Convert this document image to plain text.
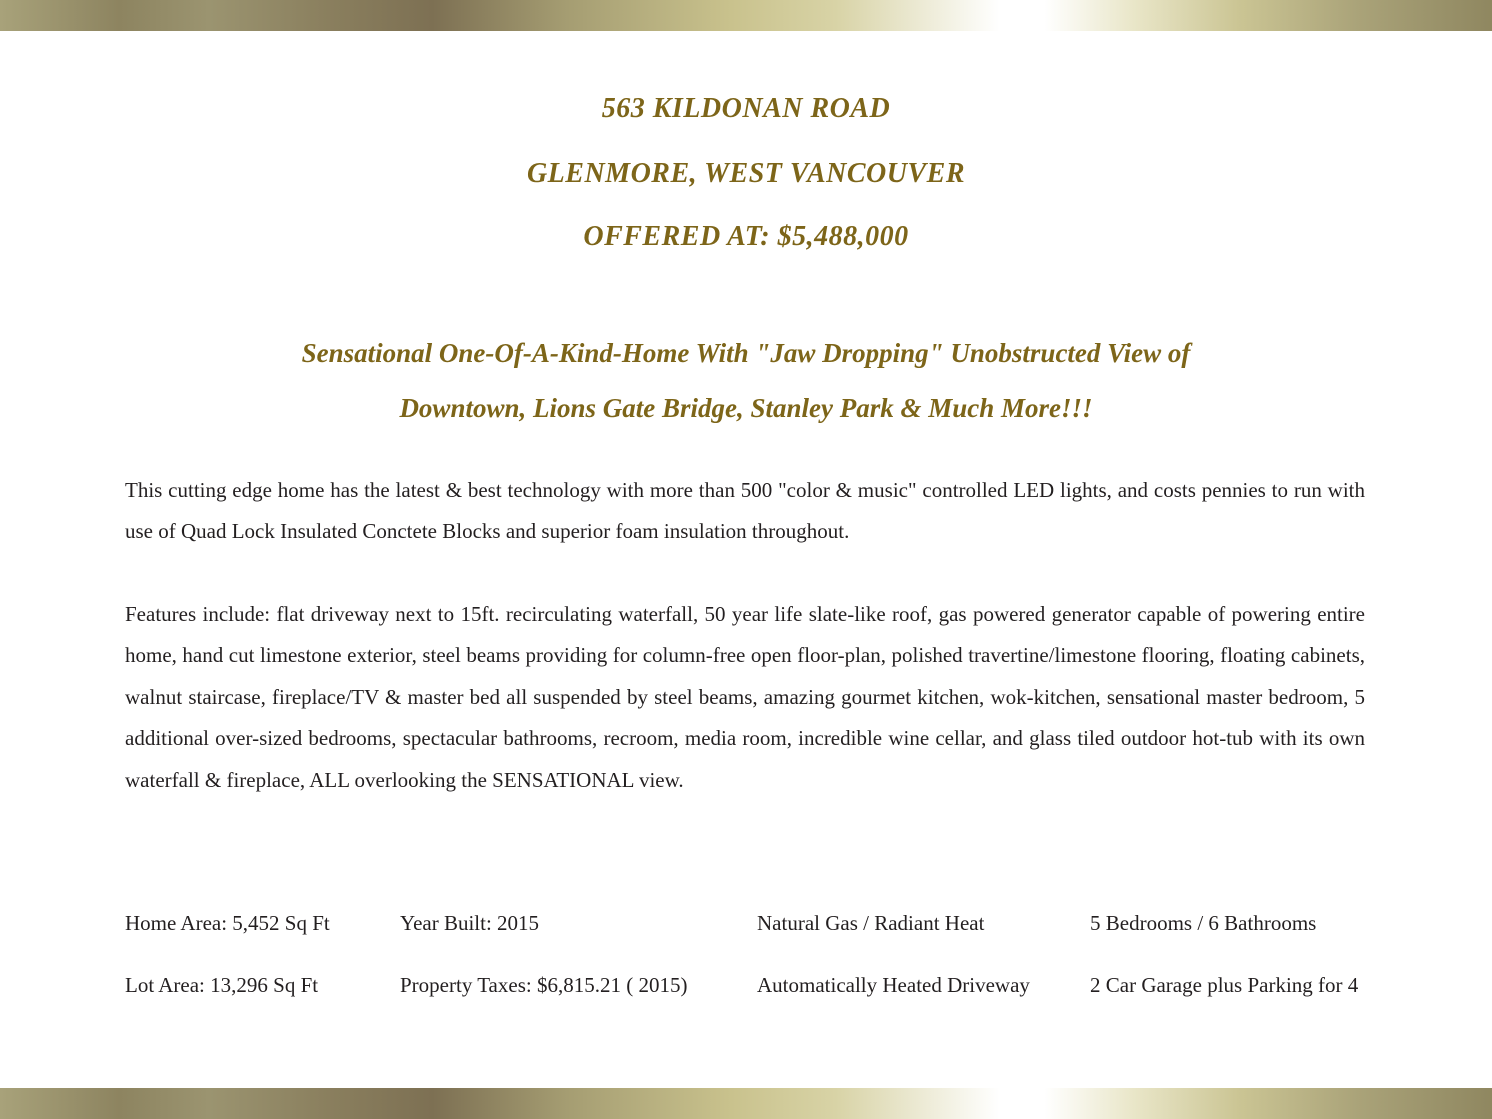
563 KILDONAN ROAD
GLENMORE, WEST VANCOUVER
OFFERED AT: $5,488,000

Sensational One-Of-A-Kind-Home With "Jaw Dropping" Unobstructed View of

Downtown, Lions Gate Bridge, Stanley Park & Much More!!!

This cutting edge home has the latest & best technology with more than 500 "color & music" controlled LED lights, and costs pennies to run with use of Quad Lock Insulated Conctete Blocks and superior foam insulation throughout.

Features include: flat driveway next to 15ft. recirculating waterfall, 50 year life slate-like roof, gas powered generator capable of powering entire home, hand cut limestone exterior, steel beams providing for column-free open floor-plan, polished travertine/limestone flooring, floating cabinets, walnut staircase, fireplace/TV & master bed all suspended by steel beams, amazing gourmet kitchen, wok-kitchen, sensational master bedroom, 5 additional over-sized bedrooms, spectacular bathrooms, recroom, media room, incredible wine cellar, and glass tiled outdoor hot-tub with its own waterfall & fireplace, ALL overlooking the SENSATIONAL view.

Home Area: 5,452 Sq Ft	Year Built: 2015	Natural Gas / Radiant Heat	5 Bedrooms / 6 Bathrooms

Lot Area: 13,296 Sq Ft	Property Taxes: $6,815.21 ( 2015)	Automatically Heated Driveway	2 Car Garage plus Parking for 4
